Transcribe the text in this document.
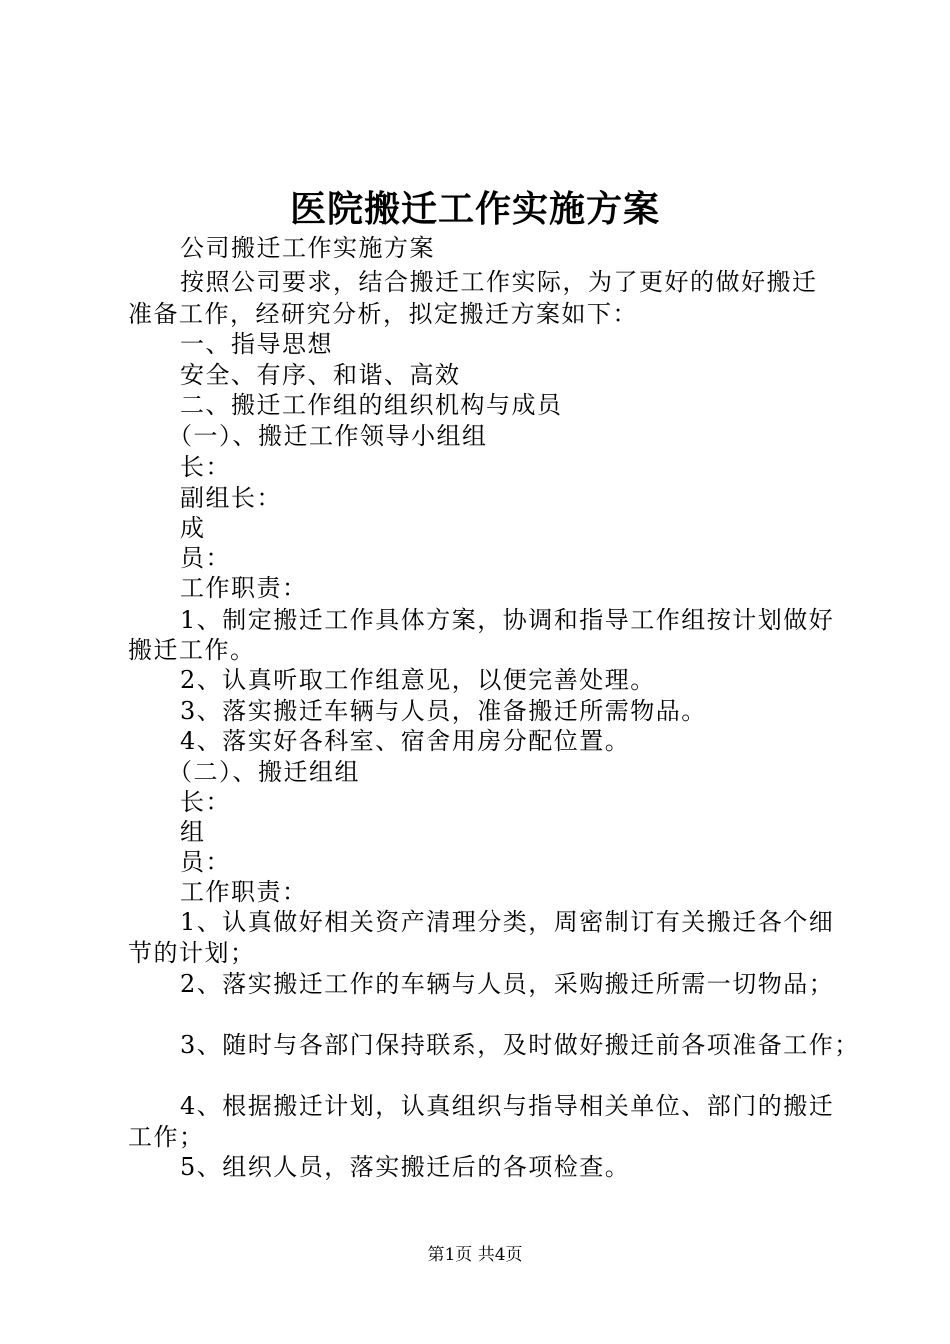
医院搬迁工作实施方案
公司搬迁工作实施方案
按照公司要求，结合搬迁工作实际，为了更好的做好搬迁
准备工作，经研究分析，拟定搬迁方案如下：
一、指导思想
安全、有序、和谐、高效
二、搬迁工作组的组织机构与成员
（一）、搬迁工作领导小组组
长：
副组长：
成
员：
工作职责：
1、制定搬迁工作具体方案，协调和指导工作组按计划做好
搬迁工作。
2、认真听取工作组意见，以便完善处理。
3、落实搬迁车辆与人员，准备搬迁所需物品。
4、落实好各科室、宿舍用房分配位置。
（二）、搬迁组组
长：
组
员：
工作职责：
1、认真做好相关资产清理分类，周密制订有关搬迁各个细
节的计划；
2、落实搬迁工作的车辆与人员，采购搬迁所需一切物品；
3、随时与各部门保持联系，及时做好搬迁前各项准备工作；
4、根据搬迁计划，认真组织与指导相关单位、部门的搬迁
工作；
5、组织人员，落实搬迁后的各项检查。
第1页 共4页
